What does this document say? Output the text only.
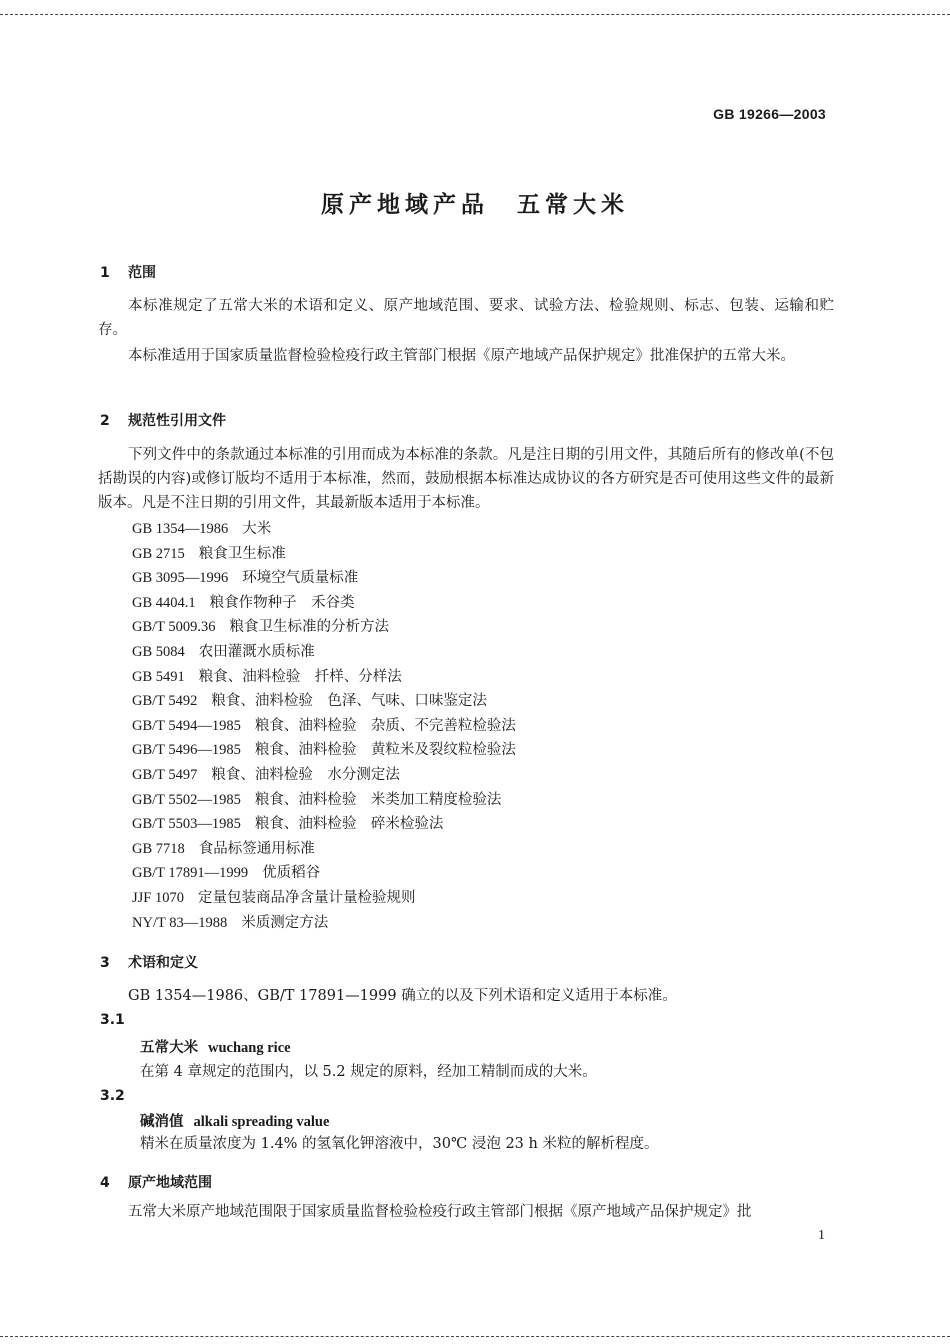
GB 19266—2003
原产地域产品 五常大米
1 范围
本标准规定了五常大米的术语和定义、原产地域范围、要求、试验方法、检验规则、标志、包装、运输和贮存。
本标准适用于国家质量监督检验检疫行政主管部门根据《原产地域产品保护规定》批准保护的五常大米。
2 规范性引用文件
下列文件中的条款通过本标准的引用而成为本标准的条款。凡是注日期的引用文件，其随后所有的修改单(不包括勘误的内容)或修订版均不适用于本标准，然而，鼓励根据本标准达成协议的各方研究是否可使用这些文件的最新版本。凡是不注日期的引用文件，其最新版本适用于本标准。
GB 1354—1986 大米
GB 2715 粮食卫生标准
GB 3095—1996 环境空气质量标准
GB 4404.1 粮食作物种子　禾谷类
GB/T 5009.36 粮食卫生标准的分析方法
GB 5084 农田灌溉水质标准
GB 5491 粮食、油料检验　扦样、分样法
GB/T 5492 粮食、油料检验　色泽、气味、口味鉴定法
GB/T 5494—1985 粮食、油料检验　杂质、不完善粒检验法
GB/T 5496—1985 粮食、油料检验　黄粒米及裂纹粒检验法
GB/T 5497 粮食、油料检验　水分测定法
GB/T 5502—1985 粮食、油料检验　米类加工精度检验法
GB/T 5503—1985 粮食、油料检验　碎米检验法
GB 7718 食品标签通用标准
GB/T 17891—1999 优质稻谷
JJF 1070 定量包装商品净含量计量检验规则
NY/T 83—1988 米质测定方法
3 术语和定义
GB 1354—1986、GB/T 17891—1999 确立的以及下列术语和定义适用于本标准。
3.1
五常大米 wuchang rice
在第 4 章规定的范围内，以 5.2 规定的原料，经加工精制而成的大米。
3.2
碱消值 alkali spreading value
精米在质量浓度为 1.4% 的氢氧化钾溶液中，30℃ 浸泡 23 h 米粒的解析程度。
4 原产地域范围
五常大米原产地域范围限于国家质量监督检验检疫行政主管部门根据《原产地域产品保护规定》批
1
